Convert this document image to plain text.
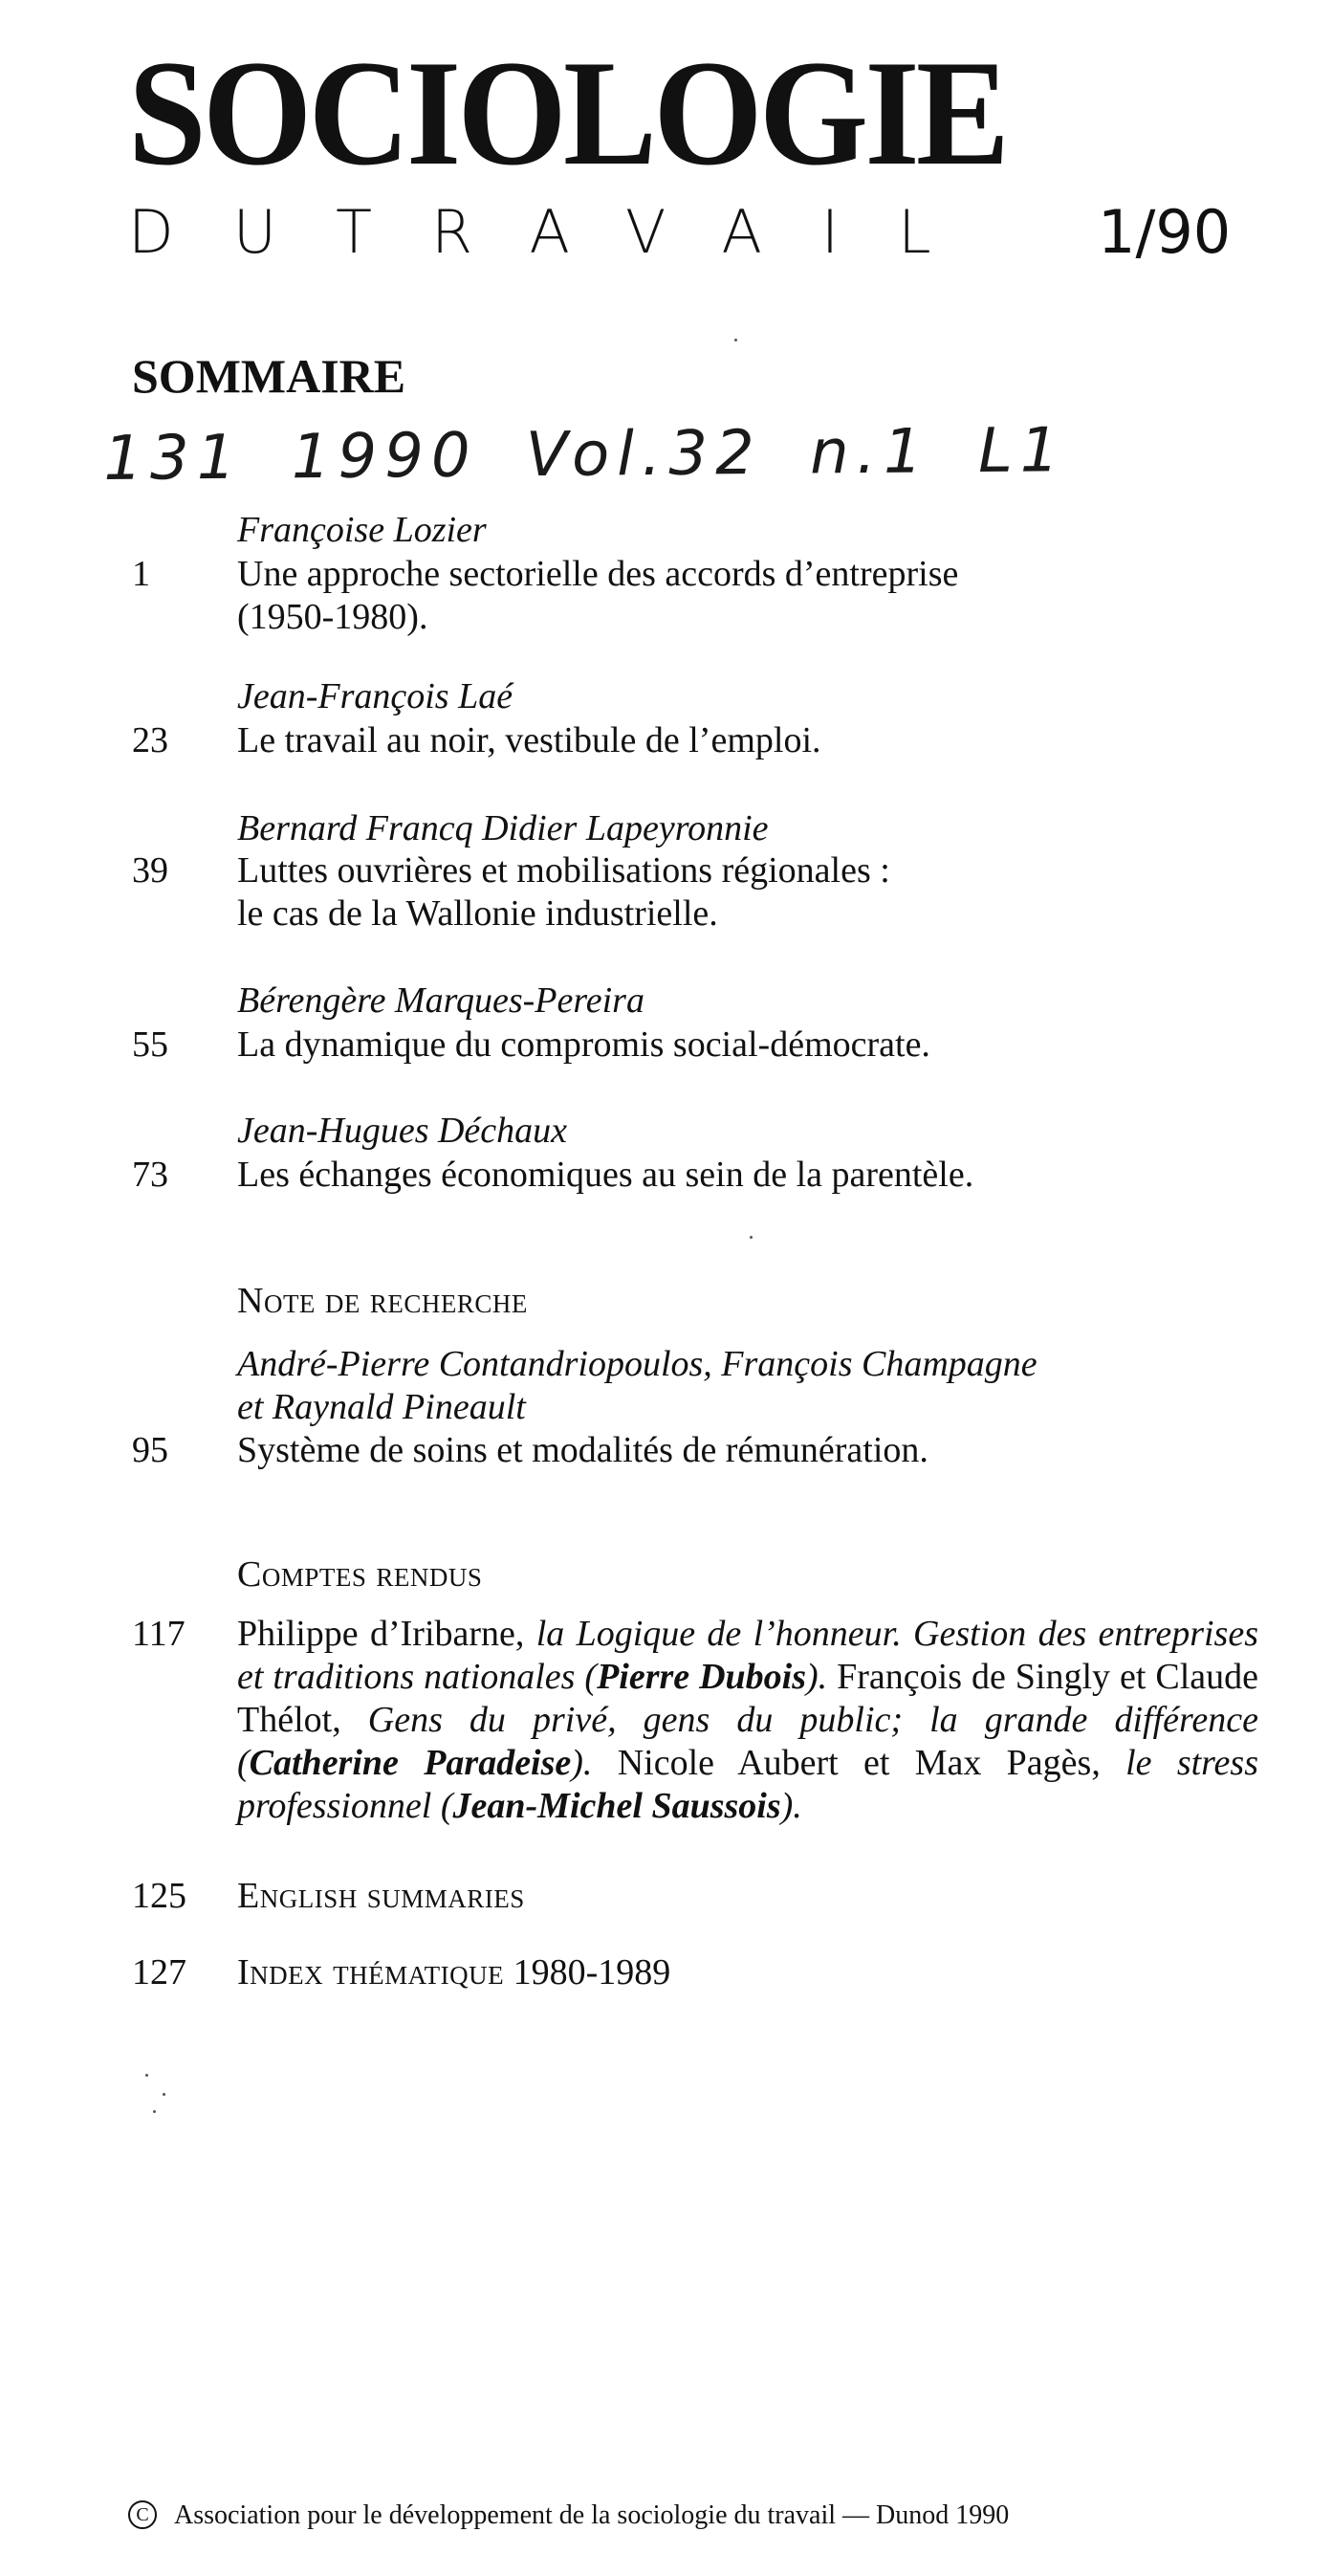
SOCIOLOGIE
DUTRAVAIL 1/90
SOMMAIRE
131 1990 Vol.32 n.1 L1
Françoise Lozier
1	Une approche sectorielle des accords d’entreprise
(1950-1980).
Jean-François Laé
23	Le travail au noir, vestibule de l’emploi.
Bernard Francq Didier Lapeyronnie
39	Luttes ouvrières et mobilisations régionales :
le cas de la Wallonie industrielle.
Bérengère Marques-Pereira
55	La dynamique du compromis social-démocrate.
Jean-Hugues Déchaux
73	Les échanges économiques au sein de la parentèle.
Note de recherche
André-Pierre Contandriopoulos, François Champagne
et Raynald Pineault
95	Système de soins et modalités de rémunération.
Comptes rendus
117	Philippe d’Iribarne, la Logique de l’honneur. Gestion des entreprises et traditions nationales (Pierre Dubois). François de Singly et Claude Thélot, Gens du privé, gens du public; la grande différence (Catherine Paradeise). Nicole Aubert et Max Pagès, le stress professionnel (Jean-Michel Saussois).
125	English summaries
127	Index thématique 1980-1989
C Association pour le développement de la sociologie du travail — Dunod 1990
